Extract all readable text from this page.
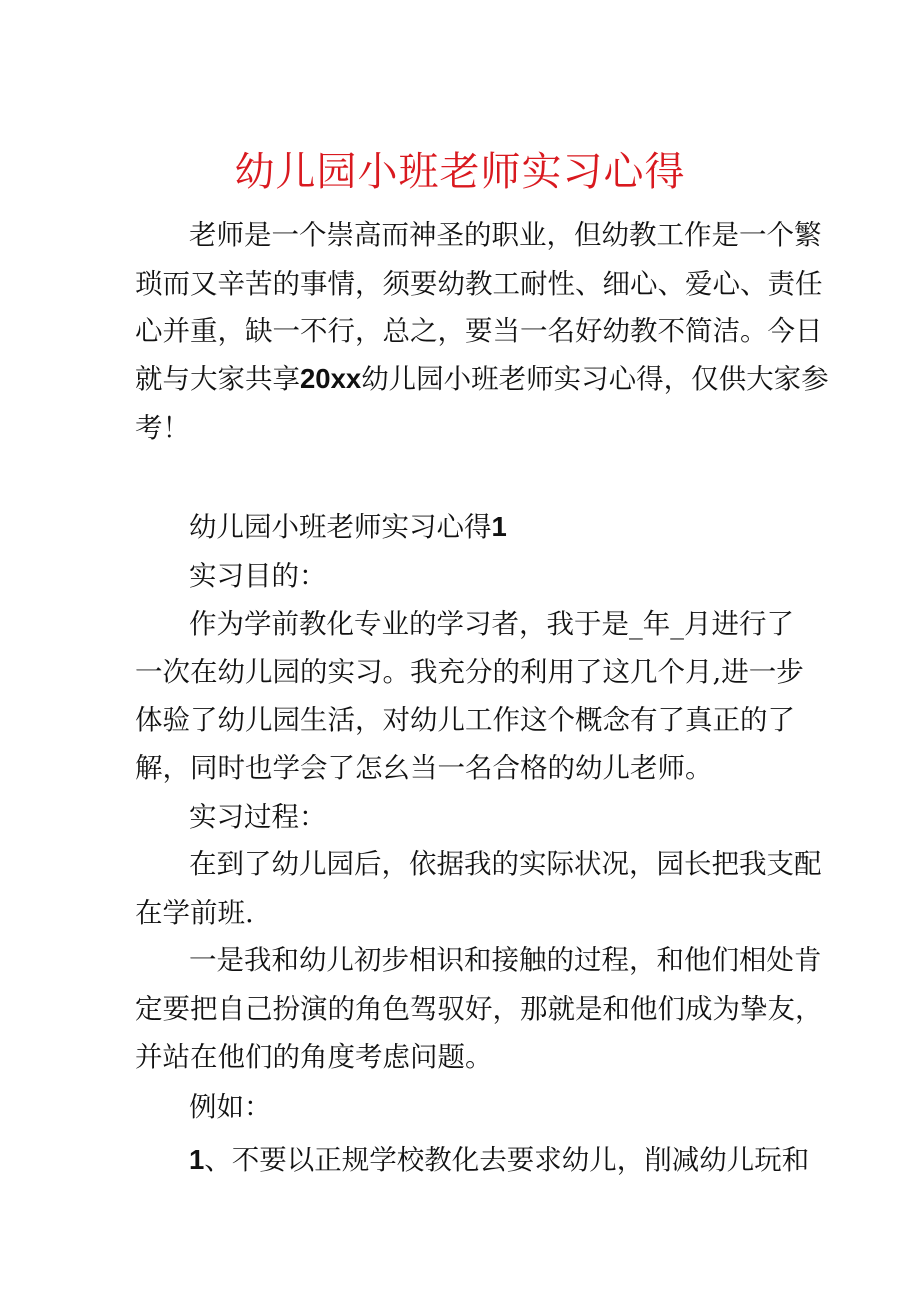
幼儿园小班老师实习心得
老师是一个崇高而神圣的职业，但幼教工作是一个繁
琐而又辛苦的事情，须要幼教工耐性、细心、爱心、责任
心并重，缺一不行，总之，要当一名好幼教不简洁。今日
就与大家共享20xx幼儿园小班老师实习心得，仅供大家参
考！
幼儿园小班老师实习心得1
实习目的：
作为学前教化专业的学习者，我于是_年_月进行了
一次在幼儿园的实习。我充分的利用了这几个月,进一步
体验了幼儿园生活，对幼儿工作这个概念有了真正的了
解，同时也学会了怎幺当一名合格的幼儿老师。
实习过程：
在到了幼儿园后，依据我的实际状况，园长把我支配
在学前班.
一是我和幼儿初步相识和接触的过程，和他们相处肯
定要把自己扮演的角色驾驭好，那就是和他们成为挚友，
并站在他们的角度考虑问题。
例如：
1、不要以正规学校教化去要求幼儿，削减幼儿玩和
